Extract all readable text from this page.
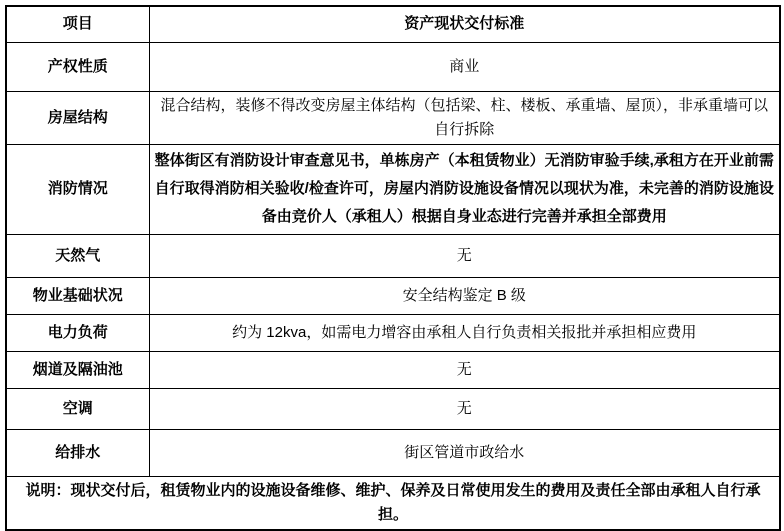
项目	资产现状交付标准
产权性质	商业
房屋结构	混合结构，装修不得改变房屋主体结构（包括梁、柱、楼板、承重墙、屋顶），非承重墙可以自行拆除
消防情况	整体街区有消防设计审查意见书，单栋房产（本租赁物业）无消防审验手续,承租方在开业前需自行取得消防相关验收/检查许可，房屋内消防设施设备情况以现状为准，未完善的消防设施设备由竞价人（承租人）根据自身业态进行完善并承担全部费用
天然气	无
物业基础状况	安全结构鉴定 B 级
电力负荷	约为 12kva，如需电力增容由承租人自行负责相关报批并承担相应费用
烟道及隔油池	无
空调	无
给排水	街区管道市政给水
说明：现状交付后，租赁物业内的设施设备维修、维护、保养及日常使用发生的费用及责任全部由承租人自行承担。	
